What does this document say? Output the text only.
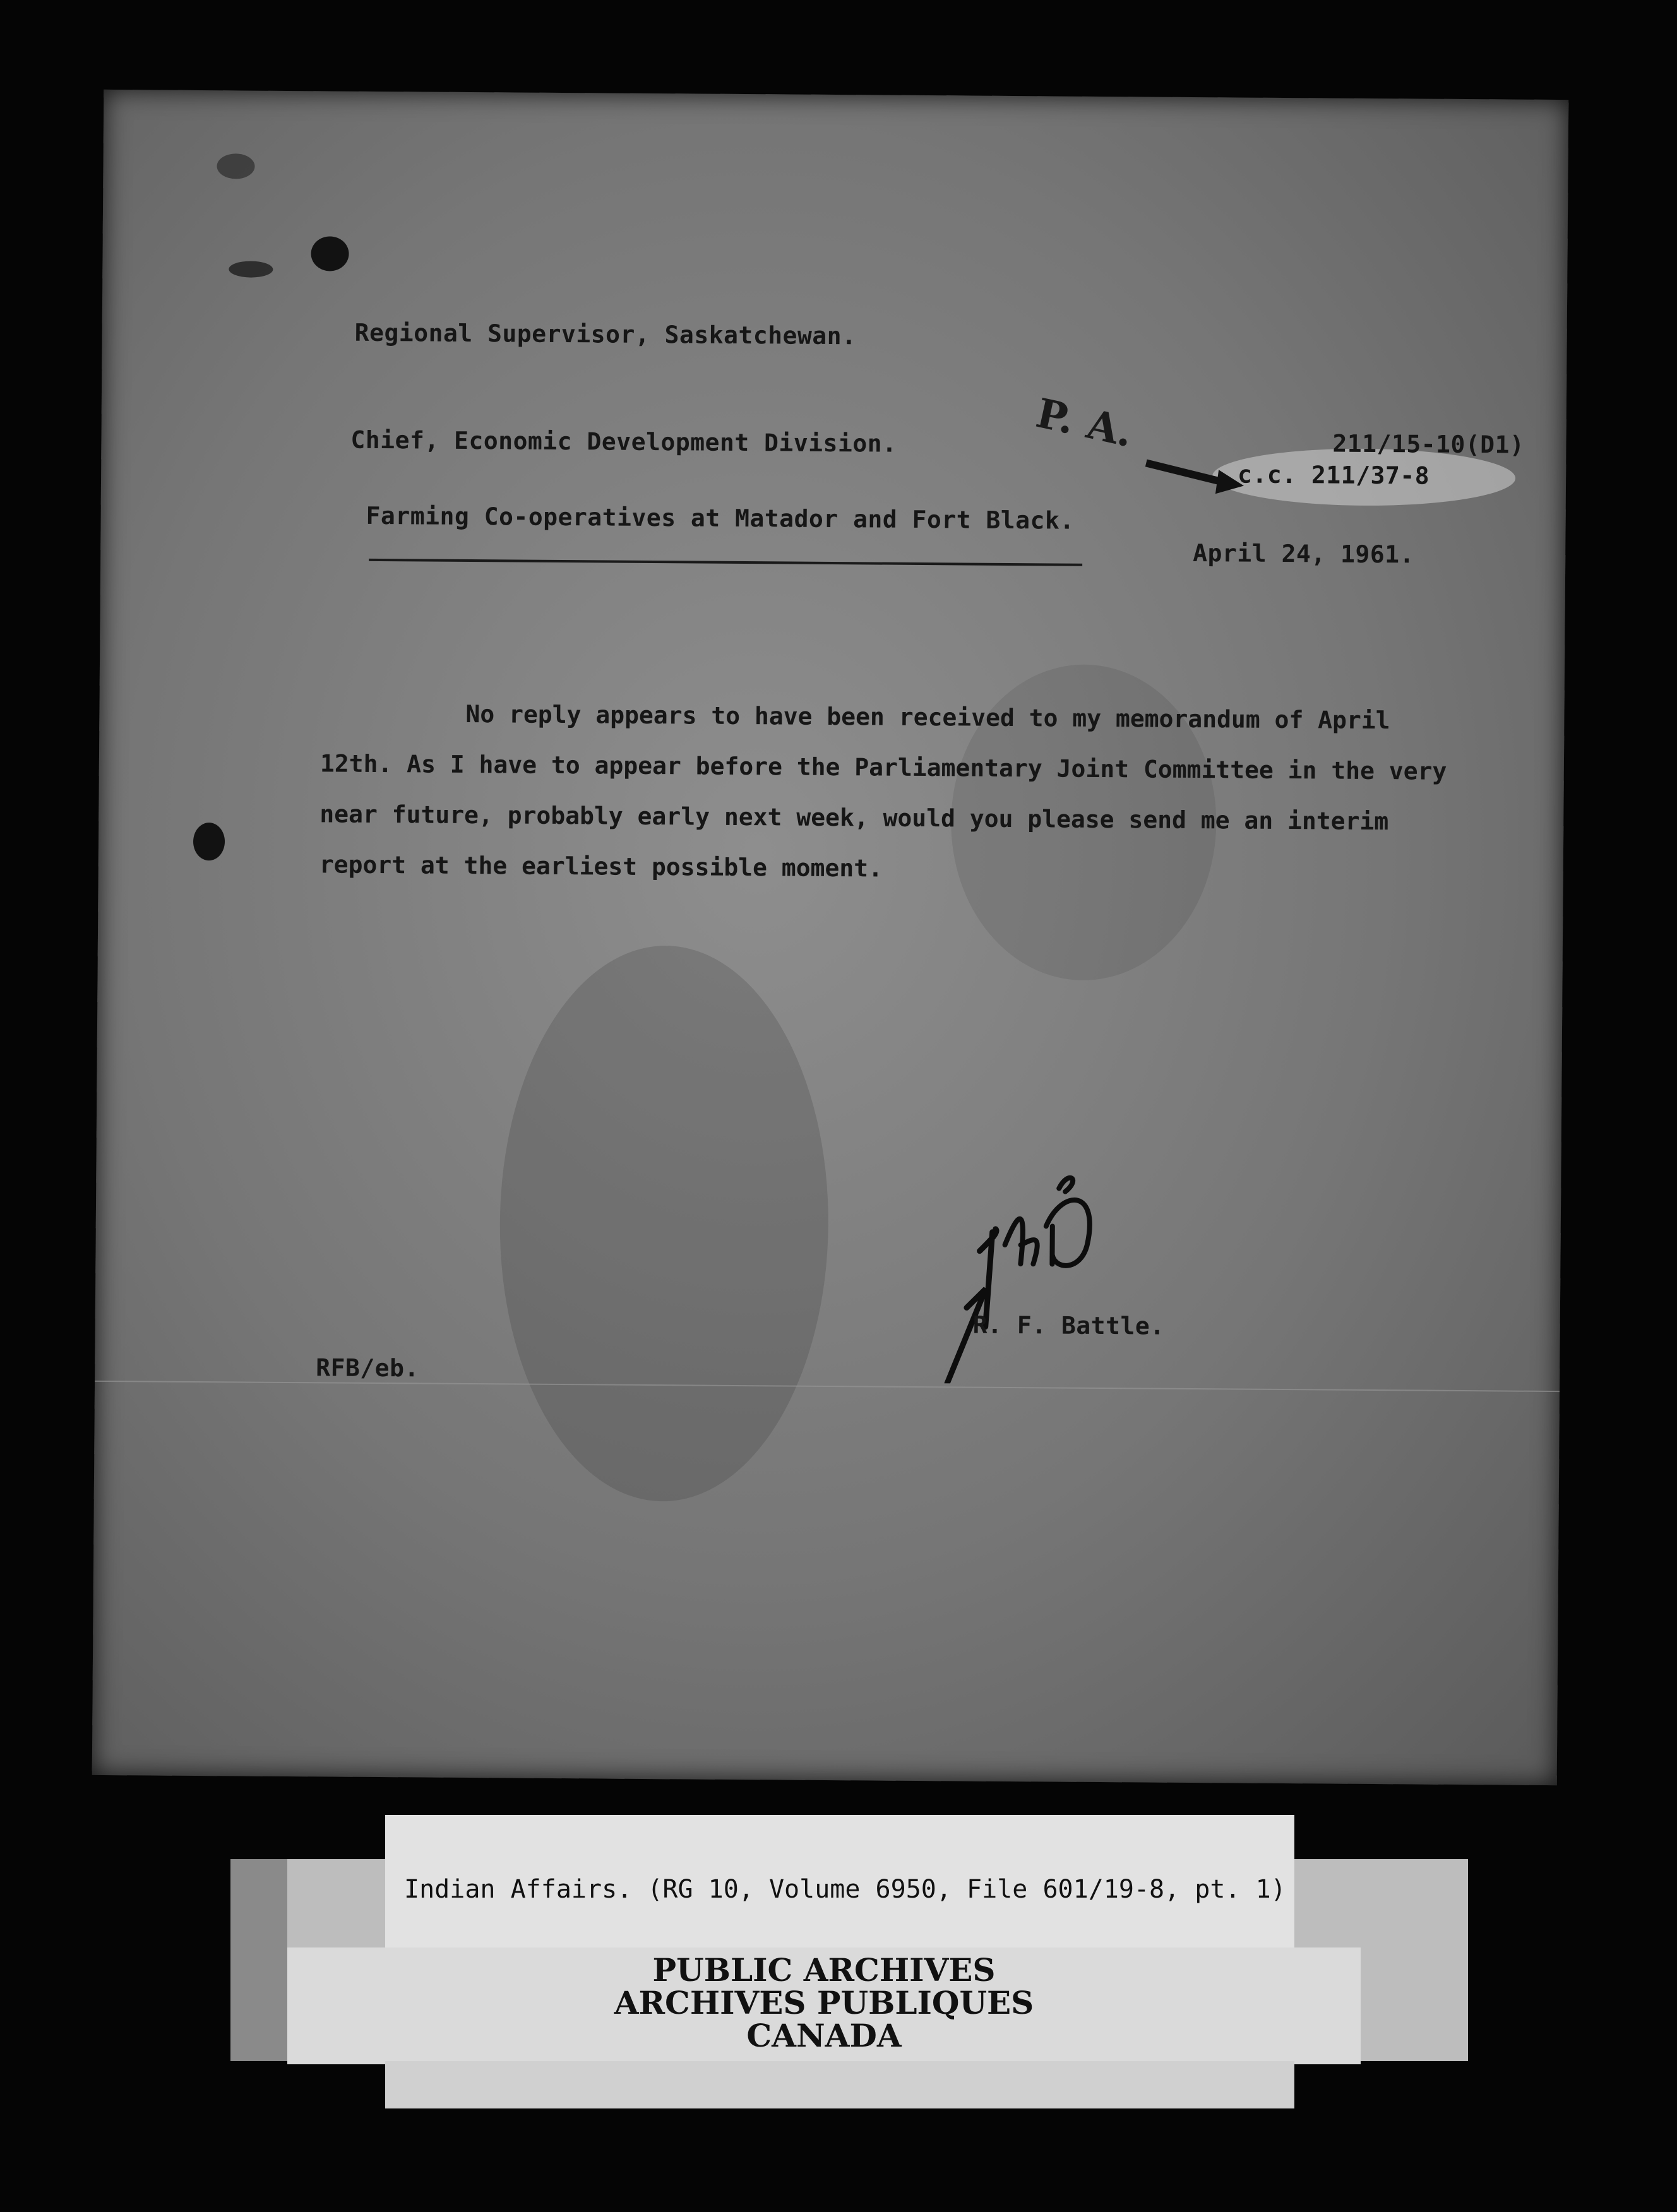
Regional Supervisor, Saskatchewan.
Chief, Economic Development Division.
Farming Co-operatives at Matador and Fort Black.
P. A.	211/15-10(D1)
c.c. 211/37-8
April 24, 1961.

No reply appears to have been received to my memorandum of April 12th. As I have to appear before the Parliamentary Joint Committee in the very near future, probably early next week, would you please send me an interim report at the earliest possible moment.

R. F. Battle.
RFB/eb.
Indian Affairs. (RG 10, Volume 6950, File 601/19-8, pt. 1)
PUBLIC ARCHIVES
ARCHIVES PUBLIQUES
CANADA
